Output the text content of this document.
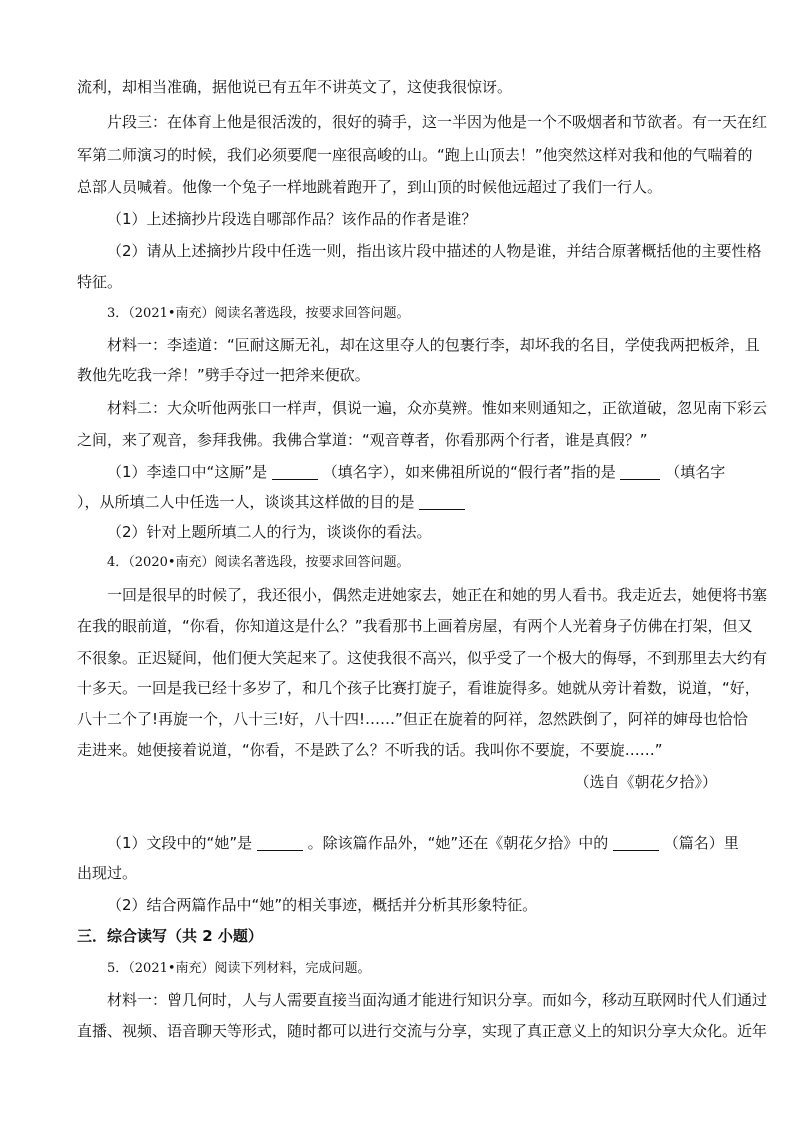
流利，却相当准确，据他说已有五年不讲英文了，这使我很惊讶。

片段三：在体育上他是很活泼的，很好的骑手，这一半因为他是一个不吸烟者和节欲者。有一天在红

军第二师演习的时候，我们必须要爬一座很高峻的山。“跑上山顶去！”他突然这样对我和他的气喘着的

总部人员喊着。他像一个兔子一样地跳着跑开了，到山顶的时候他远超过了我们一行人。

（1）上述摘抄片段选自哪部作品？该作品的作者是谁？

（2）请从上述摘抄片段中任选一则，指出该片段中描述的人物是谁，并结合原著概括他的主要性格

特征。

3．（2021•南充）阅读名著选段，按要求回答问题。

材料一：李逵道：“叵耐这厮无礼，却在这里夺人的包裹行李，却坏我的名目，学使我两把板斧，且

教他先吃我一斧！”劈手夺过一把斧来便砍。

材料二：大众听他两张口一样声，俱说一遍，众亦莫辨。惟如来则通知之，正欲道破，忽见南下彩云

之间，来了观音，参拜我佛。我佛合掌道：“观音尊者，你看那两个行者，谁是真假？”

（1）李逵口中“这厮”是	（填名字），如来佛祖所说的“假行者”指的是	（填名字

），从所填二人中任选一人，谈谈其这样做的目的是

（2）针对上题所填二人的行为，谈谈你的看法。

4．（2020•南充）阅读名著选段，按要求回答问题。

一回是很早的时候了，我还很小，偶然走进她家去，她正在和她的男人看书。我走近去，她便将书塞

在我的眼前道，“你看，你知道这是什么？”我看那书上画着房屋，有两个人光着身子仿佛在打架，但又

不很象。正迟疑间，他们便大笑起来了。这使我很不高兴，似乎受了一个极大的侮辱，不到那里去大约有

十多天。一回是我已经十多岁了，和几个孩子比赛打旋子，看谁旋得多。她就从旁计着数，说道，“好，

八十二个了!再旋一个，八十三!好，八十四!……”但正在旋着的阿祥，忽然跌倒了，阿祥的婶母也恰恰

走进来。她便接着说道，“你看，不是跌了么？不听我的话。我叫你不要旋，不要旋……”

（选自《朝花夕拾》）

（1）文段中的“她”是	。除该篇作品外，“她”还在《朝花夕拾》中的	（篇名）里

出现过。

（2）结合两篇作品中“她”的相关事迹，概括并分析其形象特征。

三．综合读写（共 2 小题）

5．（2021•南充）阅读下列材料，完成问题。

材料一：曾几何时，人与人需要直接当面沟通才能进行知识分享。而如今，移动互联网时代人们通过

直播、视频、语音聊天等形式，随时都可以进行交流与分享，实现了真正意义上的知识分享大众化。近年
